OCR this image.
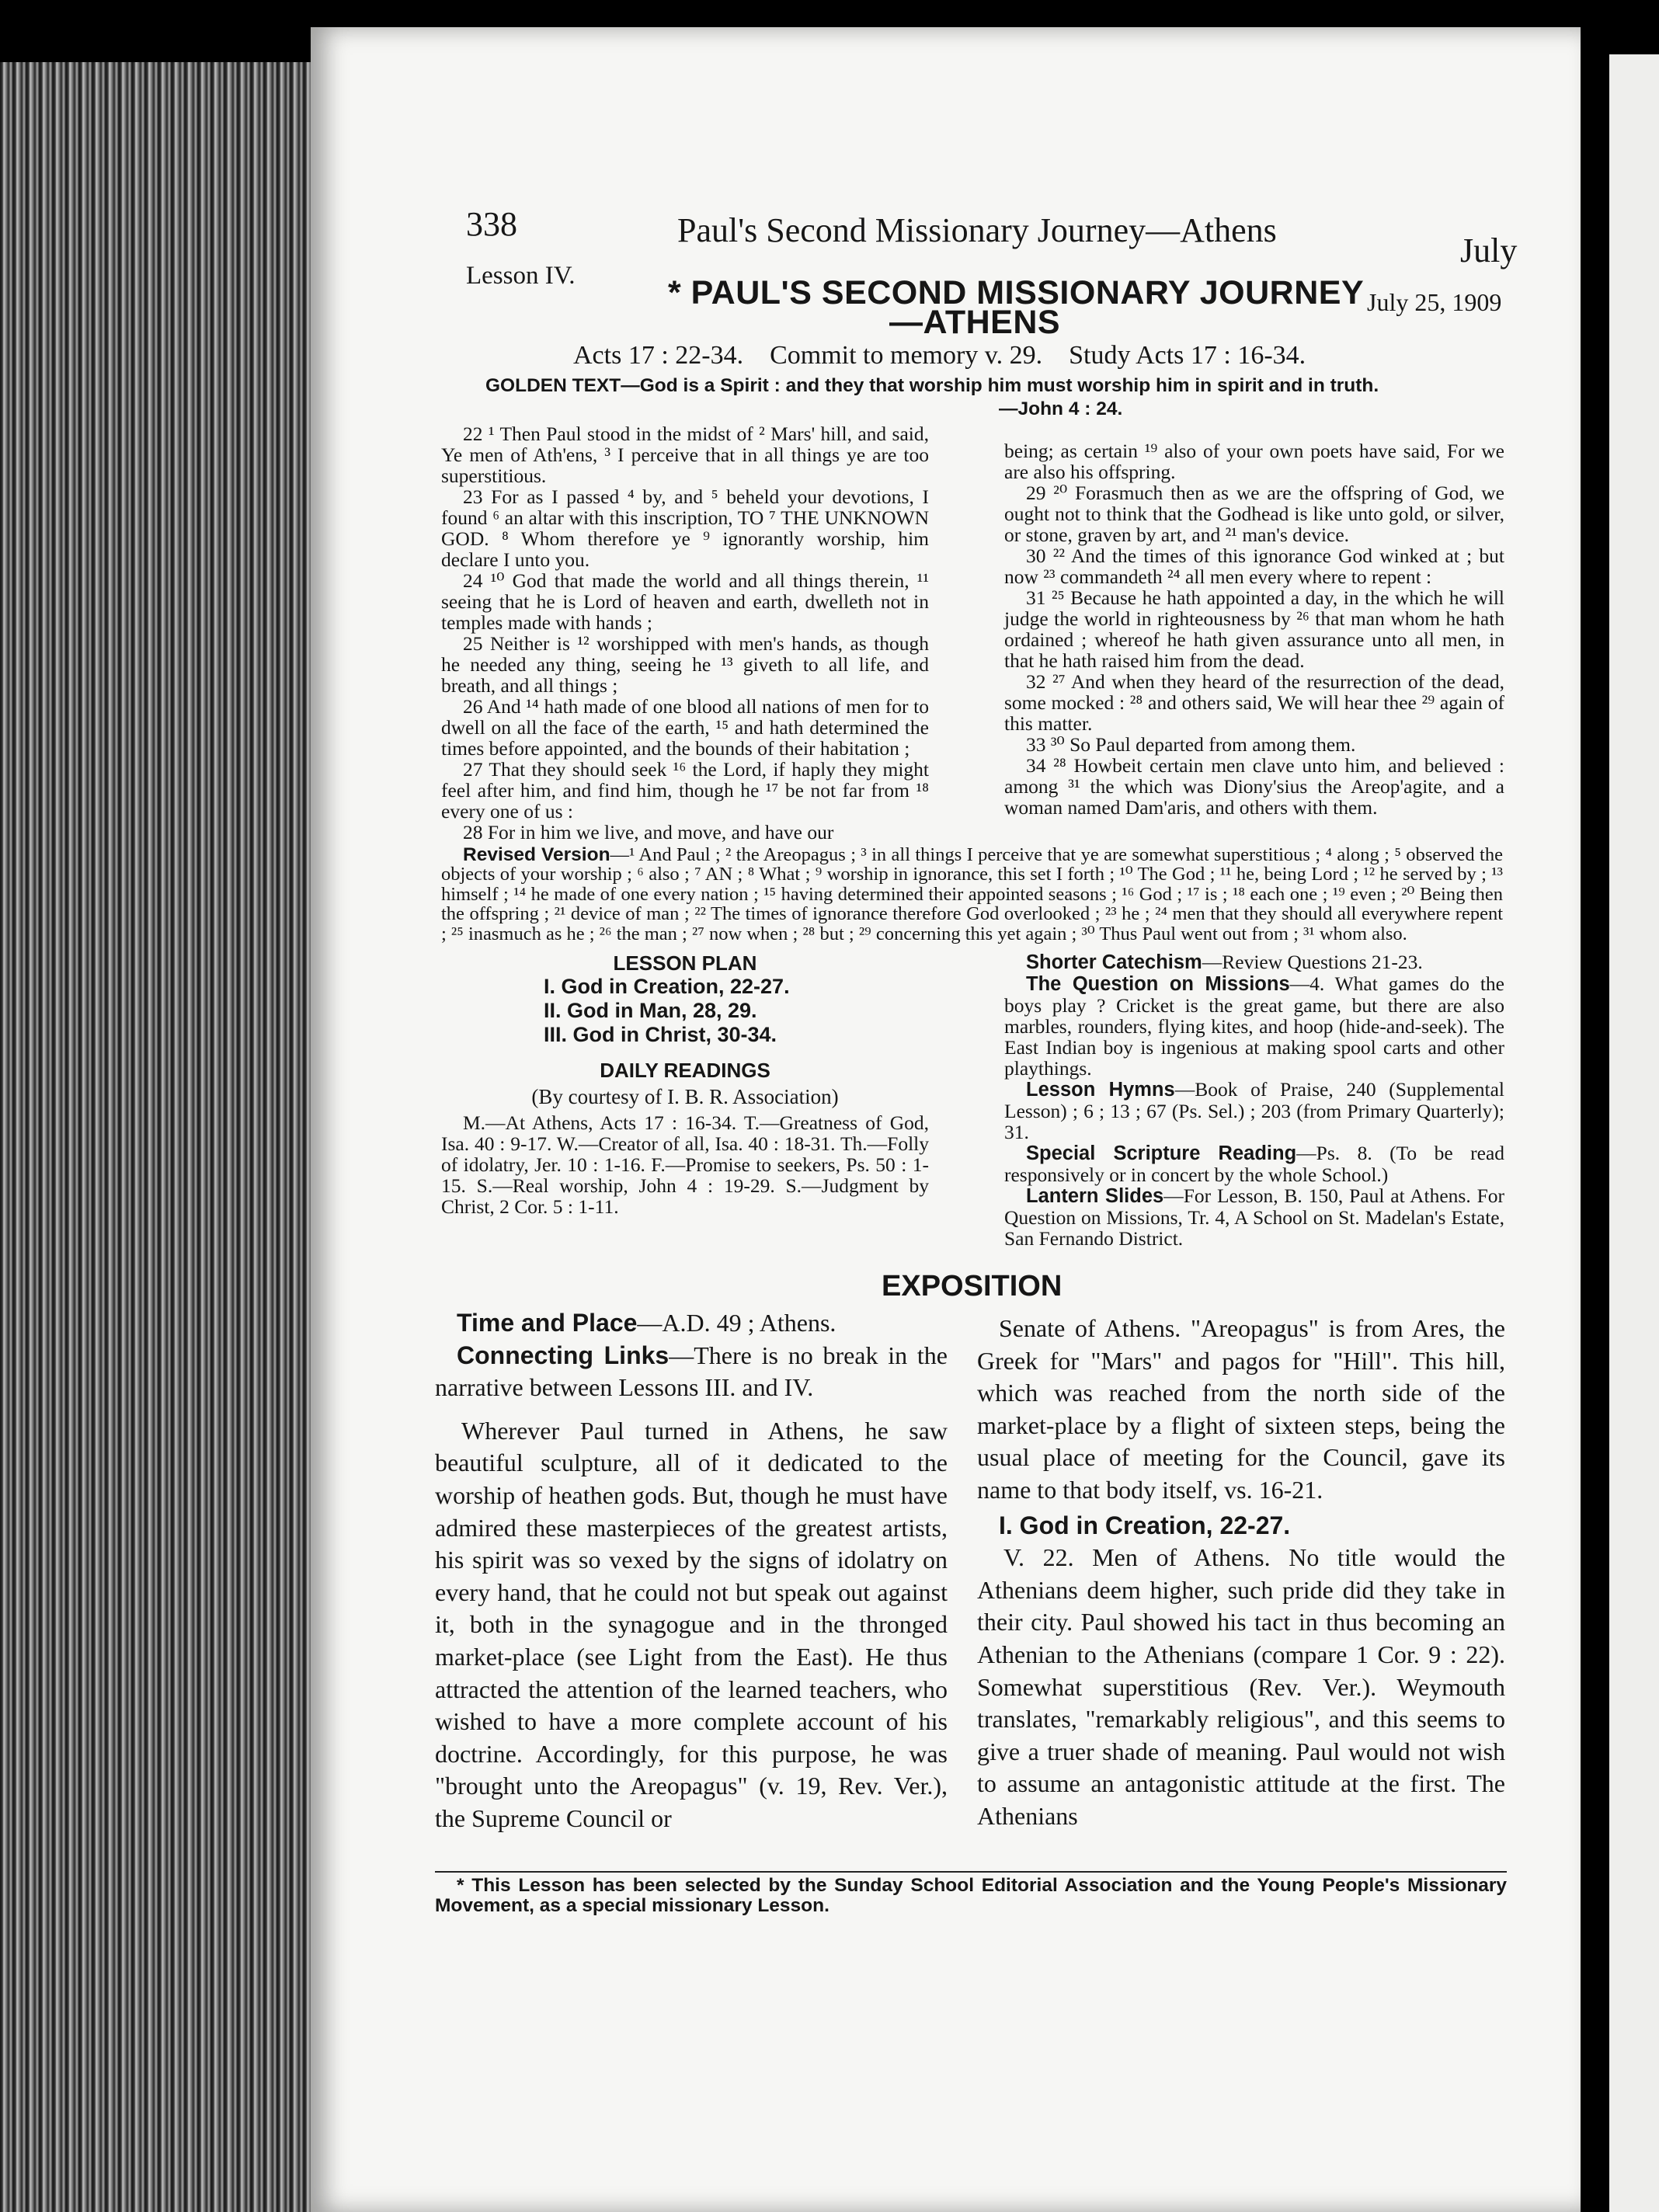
338	Paul's Second Missionary Journey—Athens
July
Lesson IV.	* PAUL'S SECOND MISSIONARY JOURNEY
—ATHENS
July 25, 1909
Acts 17 : 22-34.    Commit to memory v. 29.    Study Acts 17 : 16-34.
GOLDEN TEXT—God is a Spirit : and they that worship him must worship him in spirit and in truth.
—John 4 : 24.

22 ¹ Then Paul stood in the midst of ² Mars' hill, and said, Ye men of Ath'ens, ³ I perceive that in all things ye are too superstitious.

23 For as I passed ⁴ by, and ⁵ beheld your devotions, I found ⁶ an altar with this inscription, TO ⁷ THE UNKNOWN GOD. ⁸ Whom therefore ye ⁹ ignorantly worship, him declare I unto you.

24 ¹⁰ God that made the world and all things therein, ¹¹ seeing that he is Lord of heaven and earth, dwelleth not in temples made with hands ;

25 Neither is ¹² worshipped with men's hands, as though he needed any thing, seeing he ¹³ giveth to all life, and breath, and all things ;

26 And ¹⁴ hath made of one blood all nations of men for to dwell on all the face of the earth, ¹⁵ and hath determined the times before appointed, and the bounds of their habitation ;

27 That they should seek ¹⁶ the Lord, if haply they might feel after him, and find him, though he ¹⁷ be not far from ¹⁸ every one of us :

28 For in him we live, and move, and have our

being; as certain ¹⁹ also of your own poets have said, For we are also his offspring.

29 ²⁰ Forasmuch then as we are the offspring of God, we ought not to think that the Godhead is like unto gold, or silver, or stone, graven by art, and ²¹ man's device.

30 ²² And the times of this ignorance God winked at ; but now ²³ commandeth ²⁴ all men every where to repent :

31 ²⁵ Because he hath appointed a day, in the which he will judge the world in righteousness by ²⁶ that man whom he hath ordained ; whereof he hath given assurance unto all men, in that he hath raised him from the dead.

32 ²⁷ And when they heard of the resurrection of the dead, some mocked : ²⁸ and others said, We will hear thee ²⁹ again of this matter.

33 ³⁰ So Paul departed from among them.

34 ²⁸ Howbeit certain men clave unto him, and believed : among ³¹ the which was Diony'sius the Areop'agite, and a woman named Dam'aris, and others with them.

Revised Version—¹ And Paul ; ² the Areopagus ; ³ in all things I perceive that ye are somewhat superstitious ; ⁴ along ; ⁵ observed the objects of your worship ; ⁶ also ; ⁷ AN ; ⁸ What ; ⁹ worship in ignorance, this set I forth ; ¹⁰ The God ; ¹¹ he, being Lord ; ¹² he served by ; ¹³ himself ; ¹⁴ he made of one every nation ; ¹⁵ having determined their appointed seasons ; ¹⁶ God ; ¹⁷ is ; ¹⁸ each one ; ¹⁹ even ; ²⁰ Being then the offspring ; ²¹ device of man ; ²² The times of ignorance therefore God overlooked ; ²³ he ; ²⁴ men that they should all everywhere repent ; ²⁵ inasmuch as he ; ²⁶ the man ; ²⁷ now when ; ²⁸ but ; ²⁹ concerning this yet again ; ³⁰ Thus Paul went out from ; ³¹ whom also.

LESSON PLAN
I. God in Creation, 22-27.
II. God in Man, 28, 29.
III. God in Christ, 30-34.
DAILY READINGS
(By courtesy of I. B. R. Association)

M.—At Athens, Acts 17 : 16-34. T.—Greatness of God, Isa. 40 : 9-17. W.—Creator of all, Isa. 40 : 18-31. Th.—Folly of idolatry, Jer. 10 : 1-16. F.—Promise to seekers, Ps. 50 : 1-15. S.—Real worship, John 4 : 19-29. S.—Judgment by Christ, 2 Cor. 5 : 1-11.

Shorter Catechism—Review Questions 21-23.

The Question on Missions—4. What games do the boys play ? Cricket is the great game, but there are also marbles, rounders, flying kites, and hoop (hide-and-seek). The East Indian boy is ingenious at making spool carts and other playthings.

Lesson Hymns—Book of Praise, 240 (Supplemental Lesson) ; 6 ; 13 ; 67 (Ps. Sel.) ; 203 (from Primary Quarterly); 31.

Special Scripture Reading—Ps. 8. (To be read responsively or in concert by the whole School.)

Lantern Slides—For Lesson, B. 150, Paul at Athens. For Question on Missions, Tr. 4, A School on St. Madelan's Estate, San Fernando District.

EXPOSITION

Time and Place—A.D. 49 ; Athens.

Connecting Links—There is no break in the narrative between Lessons III. and IV.

Wherever Paul turned in Athens, he saw beautiful sculpture, all of it dedicated to the worship of heathen gods. But, though he must have admired these masterpieces of the greatest artists, his spirit was so vexed by the signs of idolatry on every hand, that he could not but speak out against it, both in the synagogue and in the thronged market-place (see Light from the East). He thus attracted the attention of the learned teachers, who wished to have a more complete account of his doctrine. Accordingly, for this purpose, he was "brought unto the Areopagus" (v. 19, Rev. Ver.), the Supreme Council or

Senate of Athens. "Areopagus" is from Ares, the Greek for "Mars" and pagos for "Hill". This hill, which was reached from the north side of the market-place by a flight of sixteen steps, being the usual place of meeting for the Council, gave its name to that body itself, vs. 16-21.

I. God in Creation, 22-27.

V. 22. Men of Athens. No title would the Athenians deem higher, such pride did they take in their city. Paul showed his tact in thus becoming an Athenian to the Athenians (compare 1 Cor. 9 : 22). Somewhat superstitious (Rev. Ver.). Weymouth translates, "remarkably religious", and this seems to give a truer shade of meaning. Paul would not wish to assume an antagonistic attitude at the first. The Athenians

* This Lesson has been selected by the Sunday School Editorial Association and the Young People's Missionary Movement, as a special missionary Lesson.
